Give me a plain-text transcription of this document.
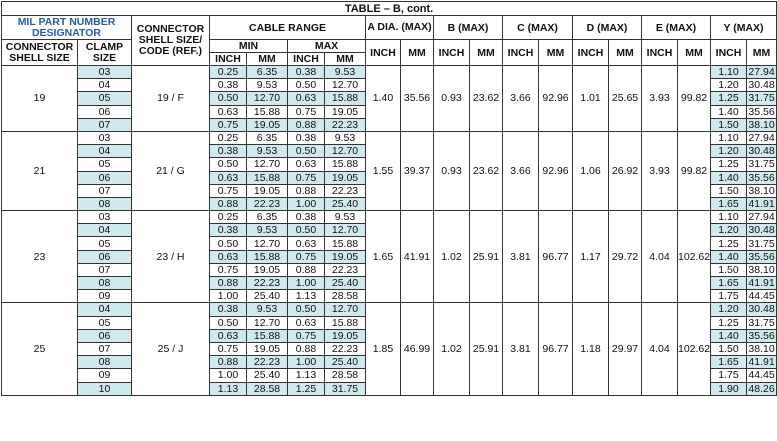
TABLE – B, cont.																		
MIL PART NUMBER DESIGNATOR		CONNECTOR SHELL SIZE/ CODE (REF.)	CABLE RANGE				A DIA. (MAX)		B (MAX)		C (MAX)		D (MAX)		E (MAX)		Y (MAX)	
CONNECTOR SHELL SIZE	CLAMP SIZE		MIN		MAX		INCH	MM	INCH	MM	INCH	MM	INCH	MM	INCH	MM	INCH	MM
			INCH	MM	INCH	MM												
19	03	19 / F	0.25	6.35	0.38	9.53	1.40	35.56	0.93	23.62	3.66	92.96	1.01	25.65	3.93	99.82	1.10	27.94
	04		0.38	9.53	0.50	12.70											1.20	30.48
	05		0.50	12.70	0.63	15.88											1.25	31.75
	06		0.63	15.88	0.75	19.05											1.40	35.56
	07		0.75	19.05	0.88	22.23											1.50	38.10
21	03	21 / G	0.25	6.35	0.38	9.53	1.55	39.37	0.93	23.62	3.66	92.96	1.06	26.92	3.93	99.82	1.10	27.94
	04		0.38	9.53	0.50	12.70											1.20	30.48
	05		0.50	12.70	0.63	15.88											1.25	31.75
	06		0.63	15.88	0.75	19.05											1.40	35.56
	07		0.75	19.05	0.88	22.23											1.50	38.10
	08		0.88	22.23	1.00	25.40											1.65	41.91
23	03	23 / H	0.25	6.35	0.38	9.53	1.65	41.91	1.02	25.91	3.81	96.77	1.17	29.72	4.04	102.62	1.10	27.94
	04		0.38	9.53	0.50	12.70											1.20	30.48
	05		0.50	12.70	0.63	15.88											1.25	31.75
	06		0.63	15.88	0.75	19.05											1.40	35.56
	07		0.75	19.05	0.88	22.23											1.50	38.10
	08		0.88	22.23	1.00	25.40											1.65	41.91
	09		1.00	25.40	1.13	28.58											1.75	44.45
25	04	25 / J	0.38	9.53	0.50	12.70	1.85	46.99	1.02	25.91	3.81	96.77	1.18	29.97	4.04	102.62	1.20	30.48
	05		0.50	12.70	0.63	15.88											1.25	31.75
	06		0.63	15.88	0.75	19.05											1.40	35.56
	07		0.75	19.05	0.88	22.23											1.50	38.10
	08		0.88	22.23	1.00	25.40											1.65	41.91
	09		1.00	25.40	1.13	28.58											1.75	44.45
	10		1.13	28.58	1.25	31.75											1.90	48.26
